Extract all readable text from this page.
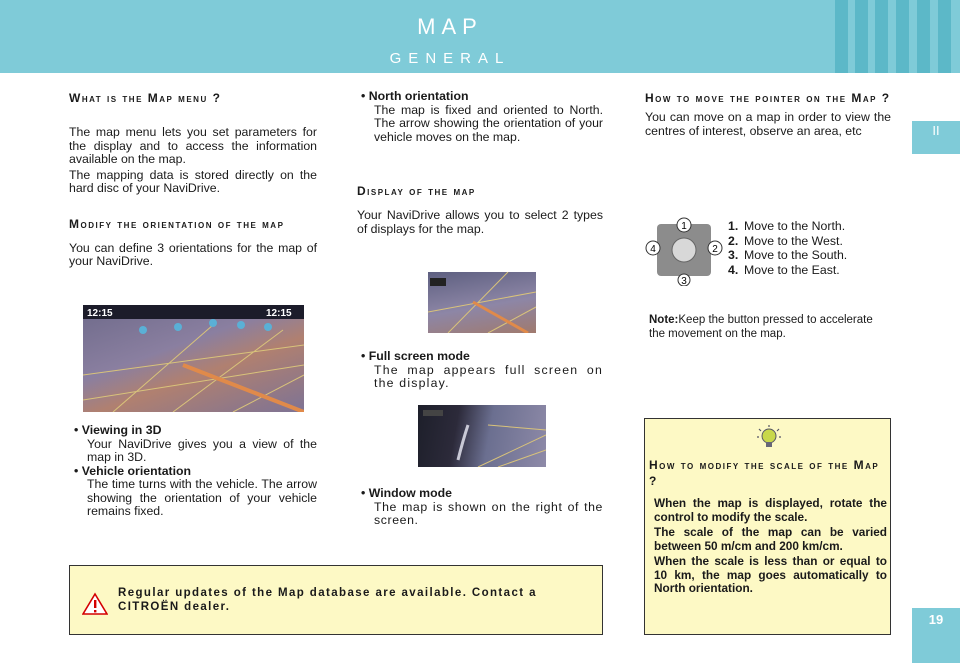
MAP
GENERAL
II
19
What is the Map menu ?

The map menu lets you set parameters for the display and to access the information available on the map.

The mapping data is stored directly on the hard disc of your NaviDrive.

Modify the orientation of the map

You can define 3 orientations for the map of your NaviDrive.

12:15	12:15
• Viewing in 3D
Your NaviDrive gives you a view of the map in 3D.
• Vehicle orientation
The time turns with the vehicle. The arrow showing the orientation of your vehicle remains fixed.
• North orientation
The map is fixed and oriented to North. The arrow showing the orientation of your vehicle moves on the map.
Display of the map

Your NaviDrive allows you to select 2 types of displays for the map.

• Full screen mode
The map appears full screen on the display.
• Window mode
The map is shown on the right of the screen.
How to move the pointer on the Map ?

You can move on a map in order to view the centres of interest, observe an area, etc

1
2
3
4
1. Move to the North.
2. Move to the West.
3. Move to the South.
4. Move to the East.
Note:Keep the button pressed to accelerate the movement on the map.
How to modify the scale of the Map ?

When the map is displayed, rotate the control to modify the scale.

The scale of the map can be varied between 50 m/cm and 200 km/cm.

When the scale is less than or equal to 10 km, the map goes automatically to North orientation.

Regular updates of the Map database are available. Contact a CITROËN dealer.
